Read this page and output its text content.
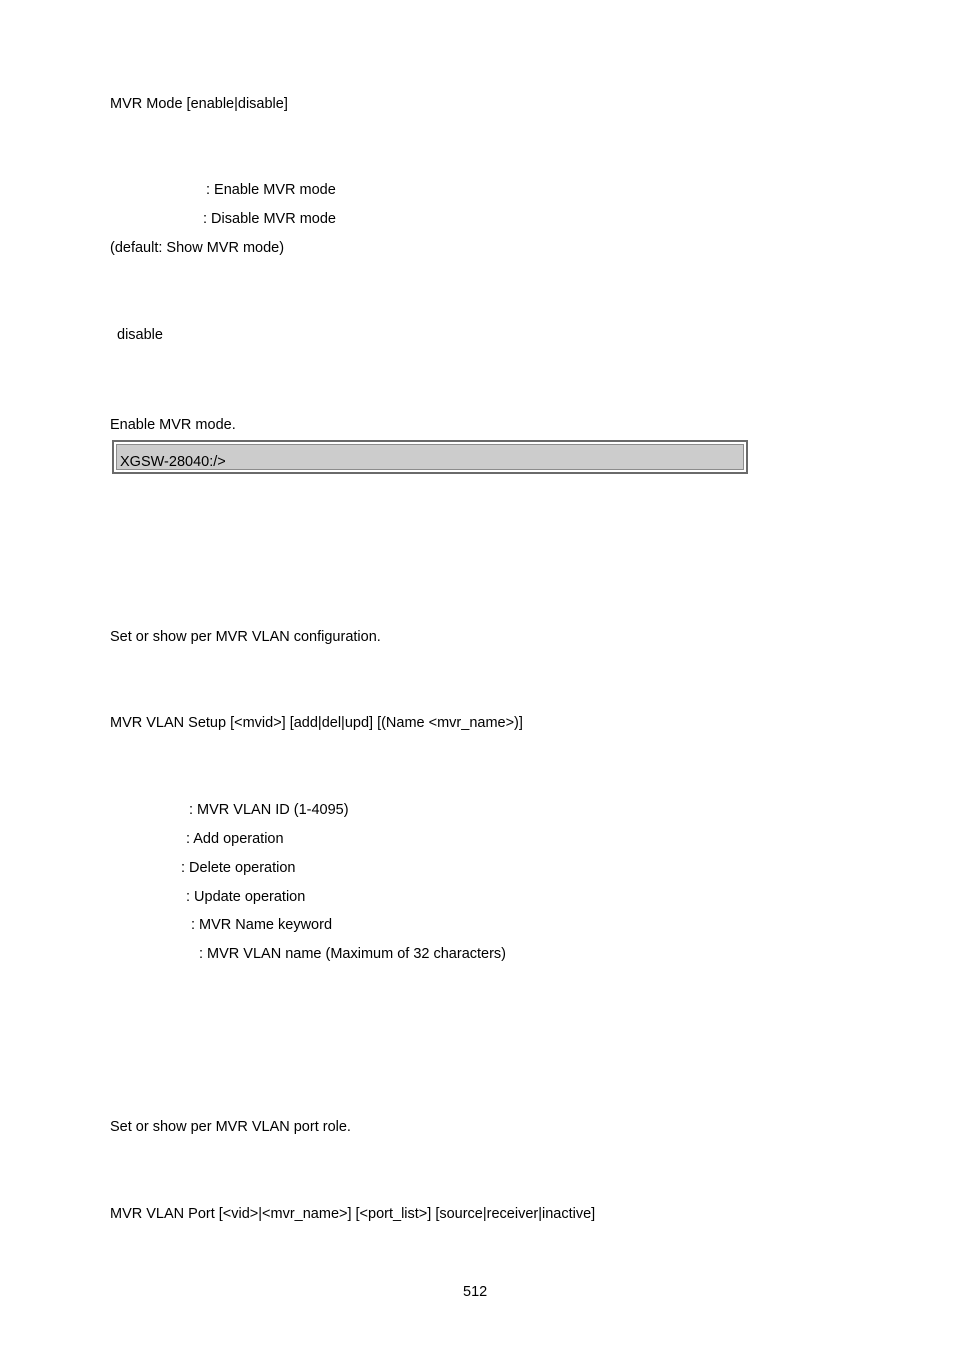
MVR Mode [enable|disable]

: Enable MVR mode

: Disable MVR mode

(default: Show MVR mode)

disable

Enable MVR mode.

XGSW-28040:/>

Set or show per MVR VLAN configuration.

MVR VLAN Setup [<mvid>] [add|del|upd] [(Name <mvr_name>)]

: MVR VLAN ID (1-4095)

: Add operation

: Delete operation

: Update operation

: MVR Name keyword

: MVR VLAN name (Maximum of 32 characters)

Set or show per MVR VLAN port role.

MVR VLAN Port [<vid>|<mvr_name>] [<port_list>] [source|receiver|inactive]

512
